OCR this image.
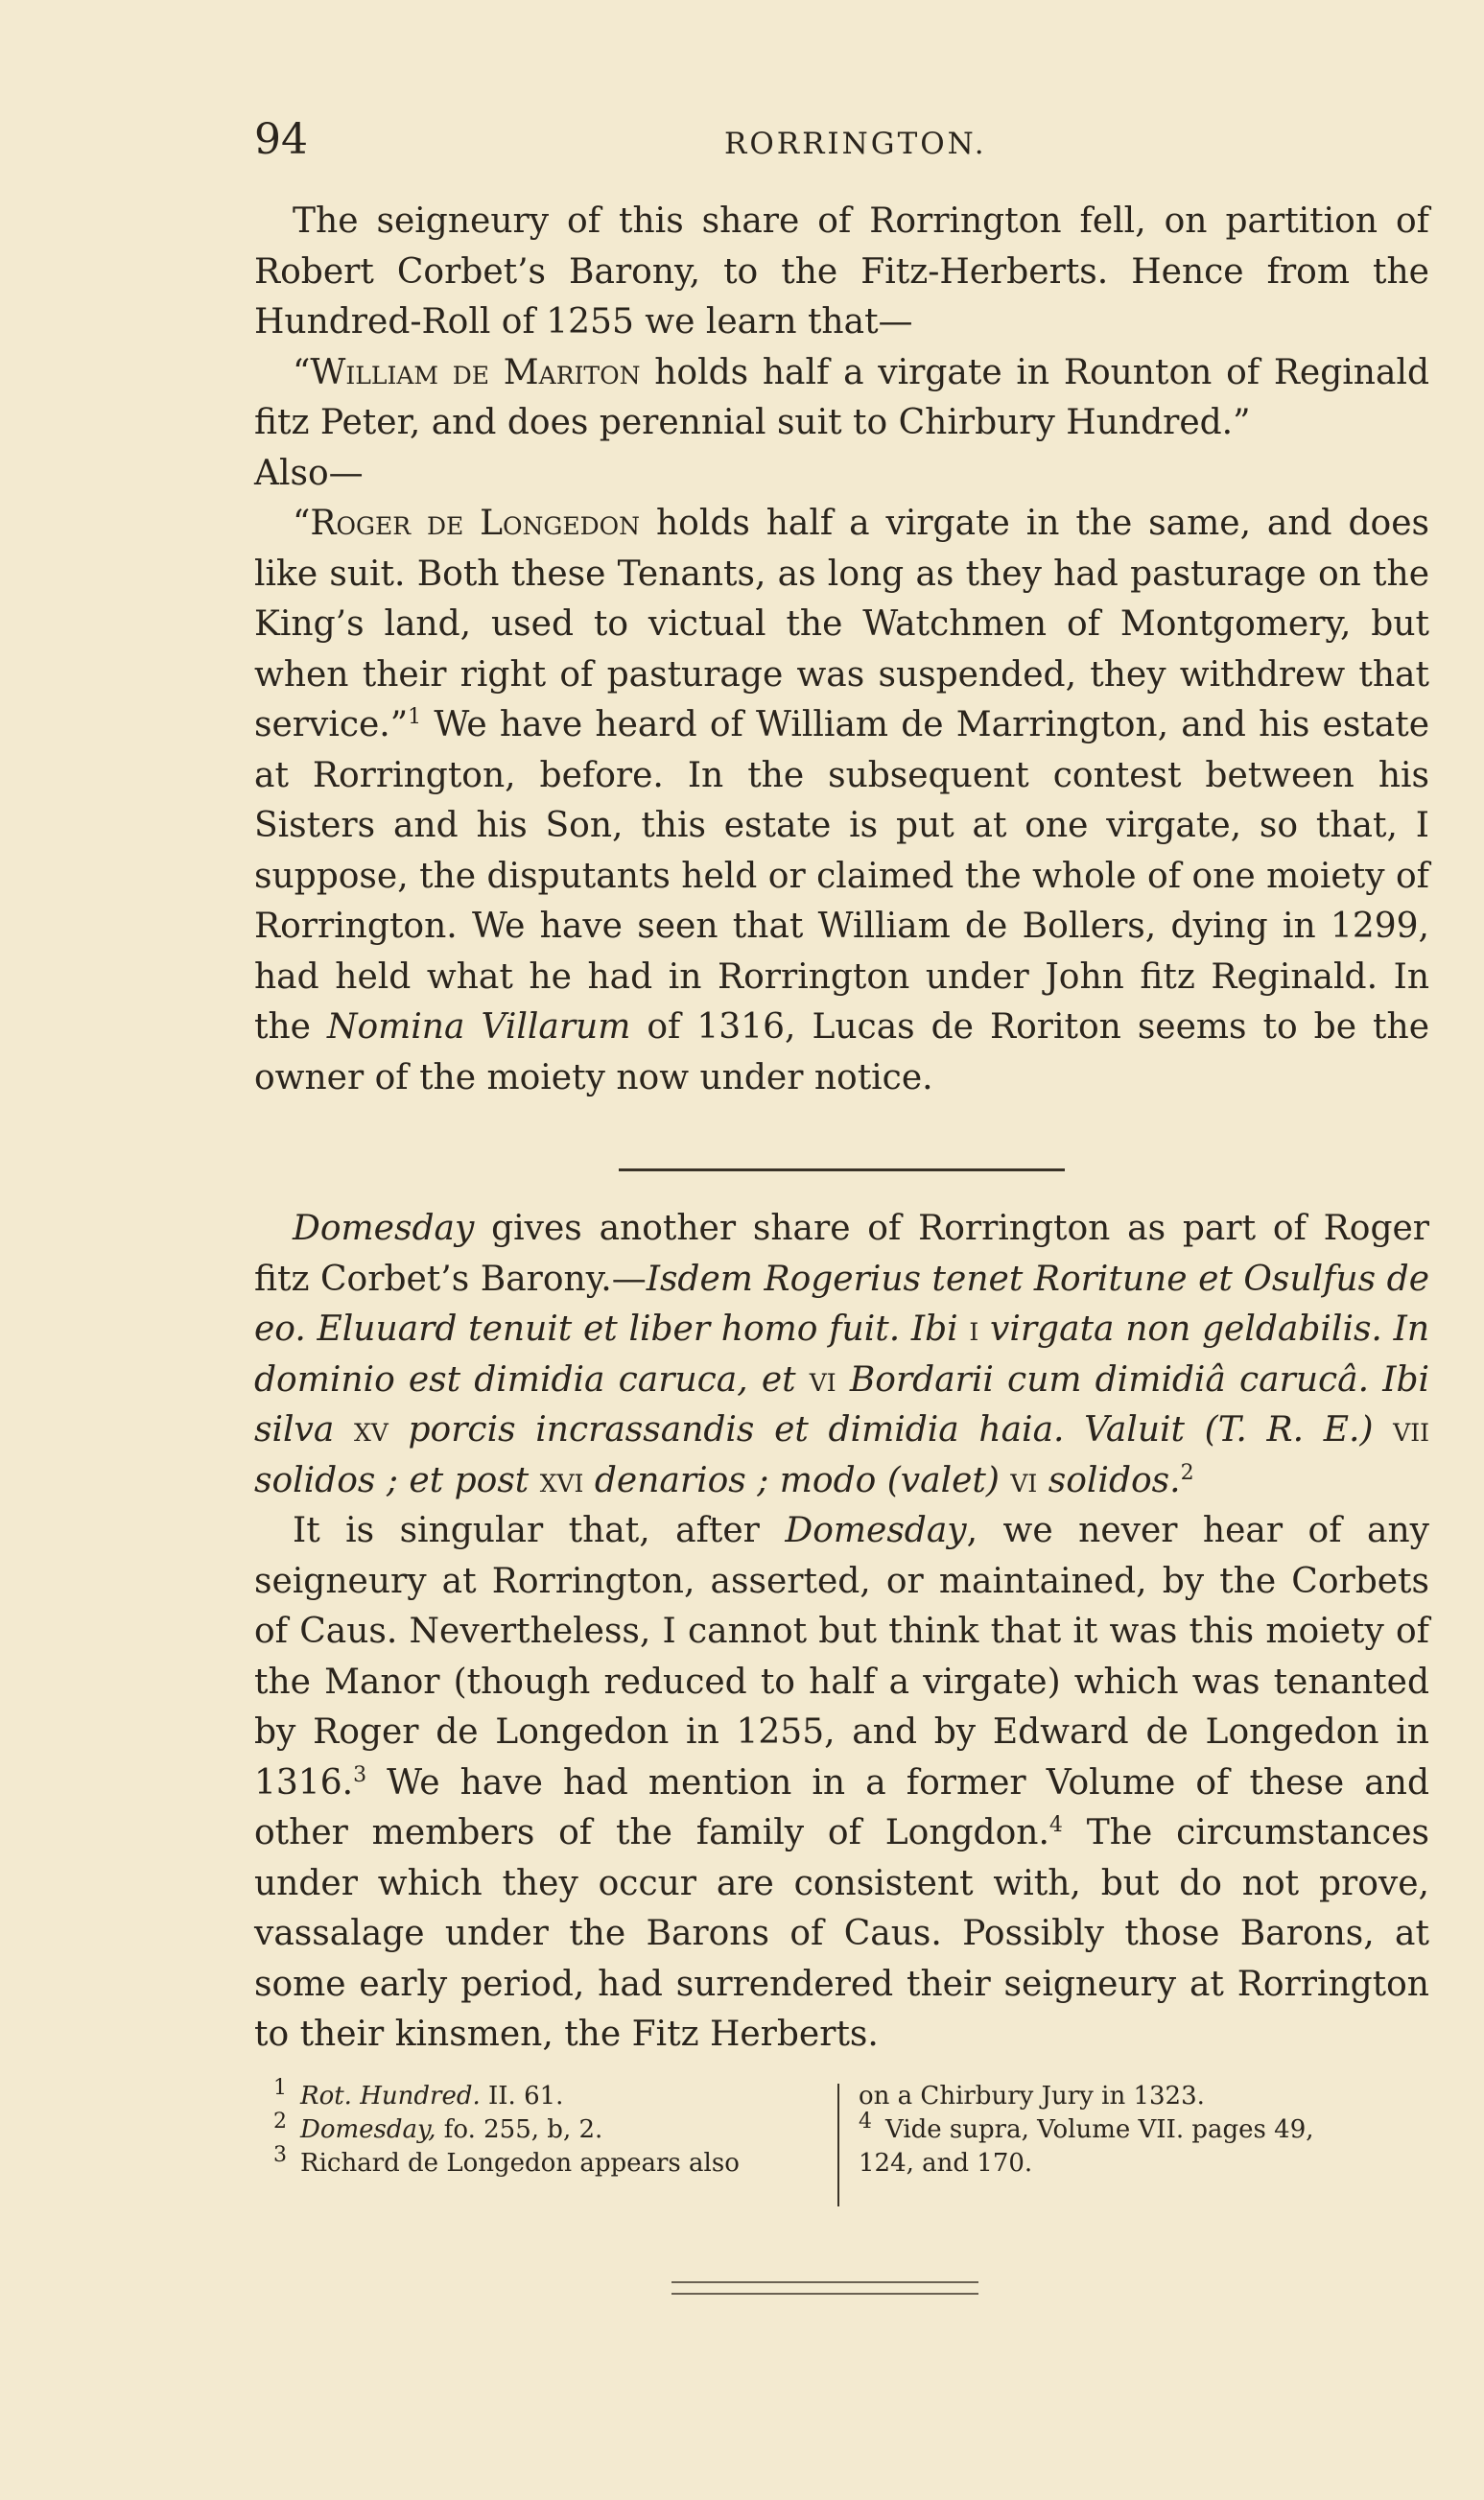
94	RORRINGTON.

The seigneury of this share of Rorrington fell, on partition of Robert Corbet’s Barony, to the Fitz-Herberts. Hence from the Hundred-Roll of 1255 we learn that—

“William de Mariton holds half a virgate in Rounton of Reginald fitz Peter, and does perennial suit to Chirbury Hundred.”

Also—

“Roger de Longedon holds half a virgate in the same, and does like suit. Both these Tenants, as long as they had pasturage on the King’s land, used to victual the Watchmen of Montgomery, but when their right of pasturage was suspended, they withdrew that service.”$^1$ We have heard of William de Marrington, and his estate at Rorrington, before. In the subsequent contest between his Sisters and his Son, this estate is put at one virgate, so that, I suppose, the disputants held or claimed the whole of one moiety of Rorrington. We have seen that William de Bollers, dying in 1299, had held what he had in Rorrington under John fitz Reginald. In the Nomina Villarum of 1316, Lucas de Roriton seems to be the owner of the moiety now under notice.

Domesday gives another share of Rorrington as part of Roger fitz Corbet’s Barony.—Isdem Rogerius tenet Roritune et Osulfus de eo. Eluuard tenuit et liber homo fuit. Ibi i virgata non geldabilis. In dominio est dimidia caruca, et vi Bordarii cum dimidiâ carucâ. Ibi silva xv porcis incrassandis et dimidia haia. Valuit (T. R. E.) vii solidos ; et post xvi denarios ; modo (valet) vi solidos.$^2$

It is singular that, after Domesday, we never hear of any seigneury at Rorrington, asserted, or maintained, by the Corbets of Caus. Nevertheless, I cannot but think that it was this moiety of the Manor (though reduced to half a virgate) which was tenanted by Roger de Longedon in 1255, and by Edward de Longedon in 1316.$^3$ We have had mention in a former Volume of these and other members of the family of Longdon.$^4$ The circumstances under which they occur are consistent with, but do not prove, vassalage under the Barons of Caus. Possibly those Barons, at some early period, had surrendered their seigneury at Rorrington to their kinsmen, the Fitz Herberts.

$^1$ Rot. Hundred. II. 61.

$^2$ Domesday, fo. 255, b, 2.

$^3$ Richard de Longedon appears also

on a Chirbury Jury in 1323.

$^4$ Vide supra, Volume VII. pages 49,

124, and 170.
